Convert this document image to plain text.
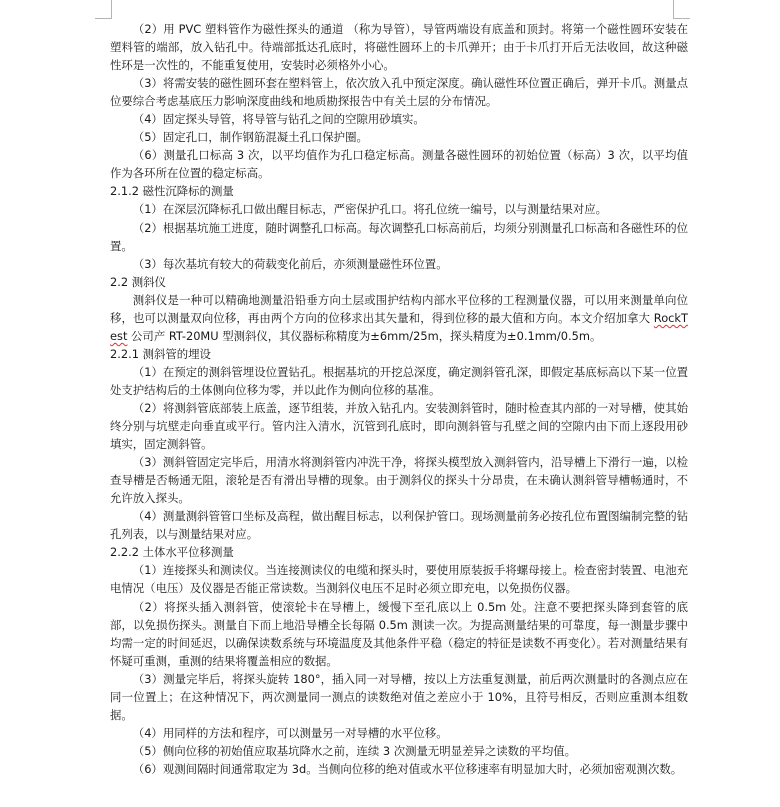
（2）用 PVC 塑料管作为磁性探头的通道 （称为导管），导管两端设有底盖和顶封。将第一个磁性圆环安装在塑料管的端部，放入钻孔中。待端部抵达孔底时，将磁性圆环上的卡爪弹开；由于卡爪打开后无法收回，故这种磁性环是一次性的，不能重复使用，安装时必须格外小心。

（3）将需安装的磁性圆环套在塑料管上，依次放入孔中预定深度。确认磁性环位置正确后，弹开卡爪。测量点位要综合考虑基底压力影响深度曲线和地质勘探报告中有关土层的分布情况。

（4）固定探头导管，将导管与钻孔之间的空隙用砂填实。

（5）固定孔口，制作钢筋混凝土孔口保护圈。

（6）测量孔口标高 3 次，以平均值作为孔口稳定标高。测量各磁性圆环的初始位置（标高）3 次，以平均值作为各环所在位置的稳定标高。

2.1.2 磁性沉降标的测量

（1）在深层沉降标孔口做出醒目标志，严密保护孔口。将孔位统一编号，以与测量结果对应。

（2）根据基坑施工进度，随时调整孔口标高。每次调整孔口标高前后，均须分别测量孔口标高和各磁性环的位置。

（3）每次基坑有较大的荷载变化前后，亦须测量磁性环位置。

2.2 测斜仪

测斜仪是一种可以精确地测量沿铅垂方向土层或围护结构内部水平位移的工程测量仪器，可以用来测量单向位移，也可以测量双向位移，再由两个方向的位移求出其矢量和，得到位移的最大值和方向。本文介绍加拿大 RockTest 公司产 RT-20MU 型测斜仪，其仪器标称精度为±6mm/25m，探头精度为±0.1mm/0.5m。

2.2.1 测斜管的埋设

（1）在预定的测斜管埋设位置钻孔。根据基坑的开挖总深度，确定测斜管孔深，即假定基底标高以下某一位置处支护结构后的土体侧向位移为零，并以此作为侧向位移的基准。

（2）将测斜管底部装上底盖，逐节组装，并放入钻孔内。安装测斜管时，随时检查其内部的一对导槽，使其始终分别与坑壁走向垂直或平行。管内注入清水，沉管到孔底时，即向测斜管与孔壁之间的空隙内由下而上逐段用砂填实，固定测斜管。

（3）测斜管固定完毕后，用清水将测斜管内冲洗干净，将探头模型放入测斜管内，沿导槽上下滑行一遍，以检查导槽是否畅通无阻，滚轮是否有滑出导槽的现象。由于测斜仪的探头十分昂贵，在未确认测斜管导槽畅通时，不允许放入探头。

（4）测量测斜管管口坐标及高程，做出醒目标志，以利保护管口。现场测量前务必按孔位布置图编制完整的钻孔列表，以与测量结果对应。

2.2.2 土体水平位移测量

（1）连接探头和测读仪。当连接测读仪的电缆和探头时，要使用原装扳手将螺母接上。检查密封装置、电池充电情况（电压）及仪器是否能正常读数。当测斜仪电压不足时必须立即充电，以免损伤仪器。

（2）将探头插入测斜管，使滚轮卡在导槽上，缓慢下至孔底以上 0.5m 处。注意不要把探头降到套管的底部，以免损伤探头。测量自下而上地沿导槽全长每隔 0.5m 测读一次。为提高测量结果的可靠度，每一测量步骤中均需一定的时间延迟，以确保读数系统与环境温度及其他条件平稳（稳定的特征是读数不再变化）。若对测量结果有怀疑可重测，重测的结果将覆盖相应的数据。

（3）测量完毕后，将探头旋转 180°，插入同一对导槽，按以上方法重复测量，前后两次测量时的各测点应在同一位置上；在这种情况下，两次测量同一测点的读数绝对值之差应小于 10%，且符号相反，否则应重测本组数据。

（4）用同样的方法和程序，可以测量另一对导槽的水平位移。

（5）侧向位移的初始值应取基坑降水之前，连续 3 次测量无明显差异之读数的平均值。

（6）观测间隔时间通常取定为 3d。当侧向位移的绝对值或水平位移速率有明显加大时，必须加密观测次数。
